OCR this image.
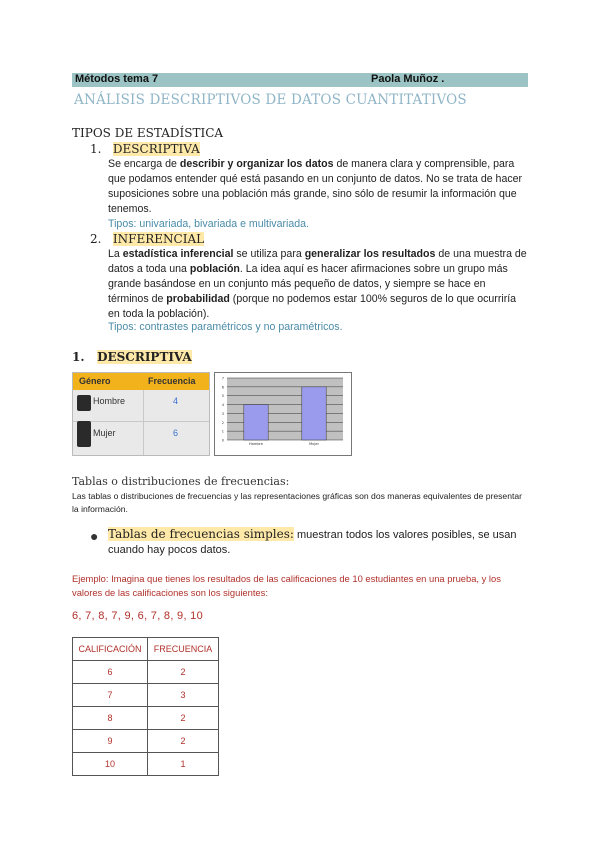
Métodos tema 7	Paola Muñoz .
ANÁLISIS DESCRIPTIVOS DE DATOS CUANTITATIVOS
TIPOS DE ESTADÍSTICA
1. DESCRIPTIVA
Se encarga de describir y organizar los datos de manera clara y comprensible, para que podamos entender qué está pasando en un conjunto de datos. No se trata de hacer suposiciones sobre una población más grande, sino sólo de resumir la información que tenemos.
Tipos: univariada, bivariada e multivariada.
2. INFERENCIAL
La estadística inferencial se utiliza para generalizar los resultados de una muestra de datos a toda una población. La idea aquí es hacer afirmaciones sobre un grupo más grande basándose en un conjunto más pequeño de datos, y siempre se hace en términos de probabilidad (porque no podemos estar 100% seguros de lo que ocurriría en toda la población).
Tipos: contrastes paramétricos y no paramétricos.
1. DESCRIPTIVA
Género	Frecuencia
Hombre	4
Mujer	6
0
1
2
3
4
5
6
7
Hombre	Mujer
Tablas o distribuciones de frecuencias:
Las tablas o distribuciones de frecuencias y las representaciones gráficas son dos maneras equivalentes de presentar la información.
● Tablas de frecuencias simples: muestran todos los valores posibles, se usan cuando hay pocos datos.
Ejemplo: Imagina que tienes los resultados de las calificaciones de 10 estudiantes en una prueba, y los valores de las calificaciones son los siguientes:
6, 7, 8, 7, 9, 6, 7, 8, 9, 10
CALIFICACIÓN	FRECUENCIA
6	2
7	3
8	2
9	2
10	1
